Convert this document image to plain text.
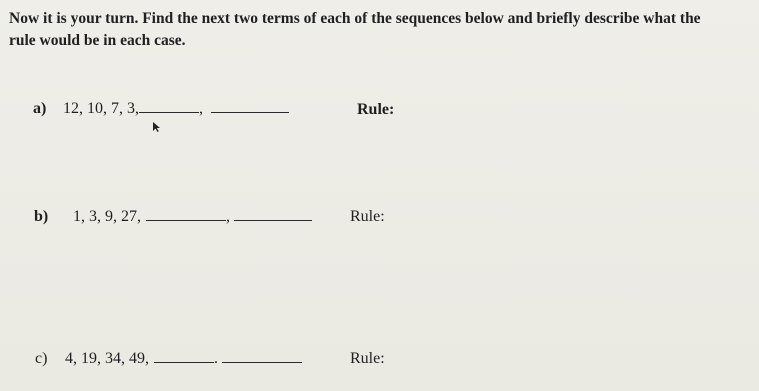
Now it is your turn. Find the next two terms of each of the sequences below and briefly describe what the rule would be in each case.
a) 12, 10, 7, 3,	,	Rule:
b) 1, 3, 9, 27,	,	Rule:
c) 4, 19, 34, 49,	.	Rule:
